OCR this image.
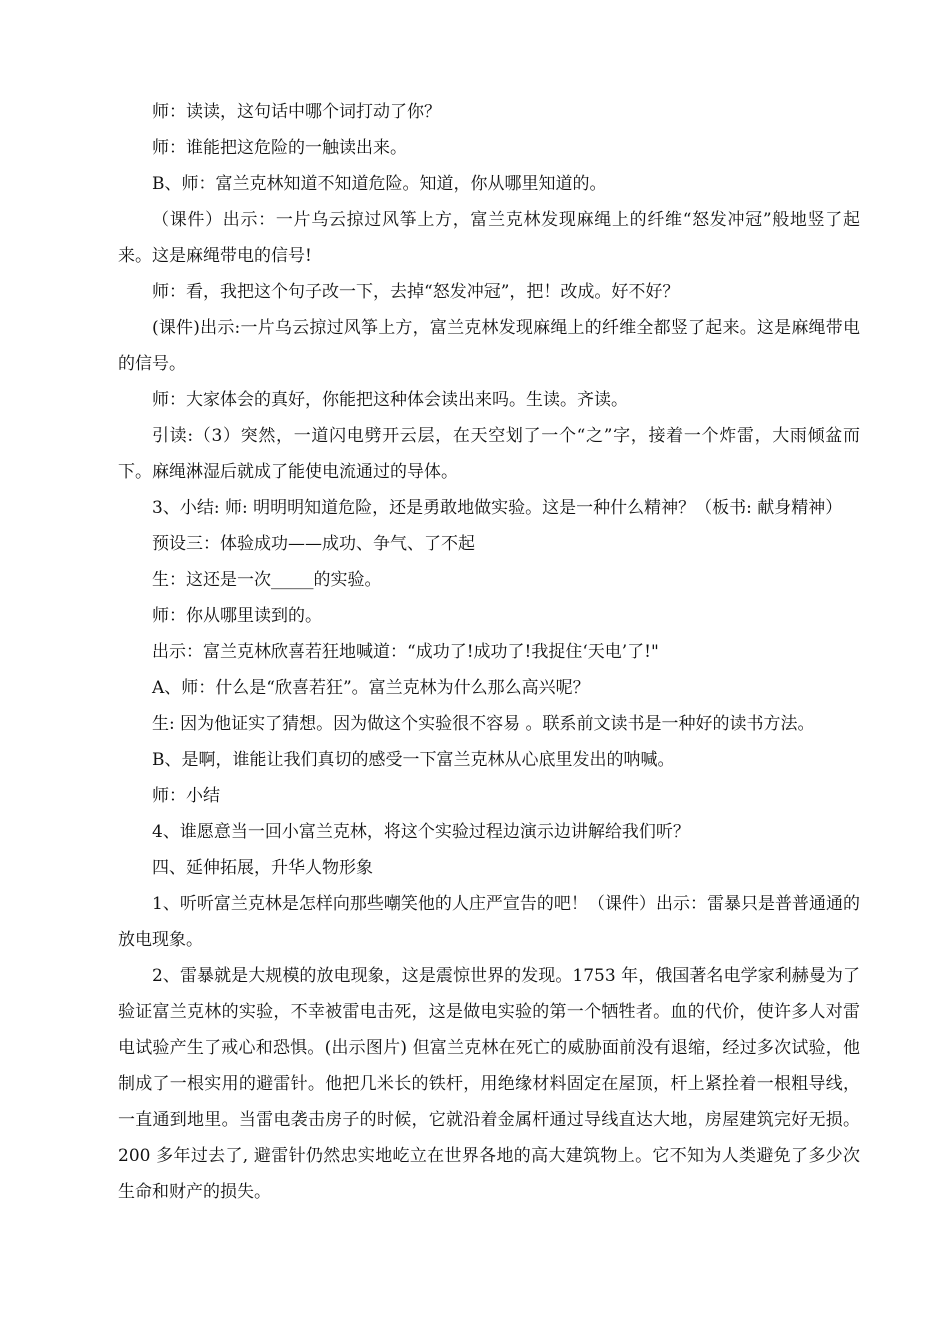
师：读读，这句话中哪个词打动了你？

师：谁能把这危险的一触读出来。

B、师：富兰克林知道不知道危险。知道，你从哪里知道的。

（课件）出示：一片乌云掠过风筝上方，富兰克林发现麻绳上的纤维“怒发冲冠”般地竖了起来。这是麻绳带电的信号!

师：看，我把这个句子改一下，去掉“怒发冲冠”，把！改成。好不好？

(课件)出示:一片乌云掠过风筝上方，富兰克林发现麻绳上的纤维全都竖了起来。这是麻绳带电的信号。

师：大家体会的真好，你能把这种体会读出来吗。生读。齐读。

引读:（3）突然，一道闪电劈开云层，在天空划了一个“之”字，接着一个炸雷，大雨倾盆而下。麻绳淋湿后就成了能使电流通过的导体。

3、小结: 师: 明明明知道危险，还是勇敢地做实验。这是一种什么精神？（板书: 献身精神）

预设三：体验成功——成功、争气、了不起

生：这还是一次_____的实验。

师：你从哪里读到的。

出示：富兰克林欣喜若狂地喊道：“成功了!成功了!我捉住‘天电’了!"

A、师：什么是“欣喜若狂”。富兰克林为什么那么高兴呢？

生: 因为他证实了猜想。因为做这个实验很不容易 。联系前文读书是一种好的读书方法。

B、是啊，谁能让我们真切的感受一下富兰克林从心底里发出的呐喊。

师：小结

4、谁愿意当一回小富兰克林，将这个实验过程边演示边讲解给我们听？

四、延伸拓展，升华人物形象

1、听听富兰克林是怎样向那些嘲笑他的人庄严宣告的吧！（课件）出示：雷暴只是普普通通的放电现象。

2、雷暴就是大规模的放电现象，这是震惊世界的发现。1753 年，俄国著名电学家利赫曼为了验证富兰克林的实验，不幸被雷电击死，这是做电实验的第一个牺牲者。血的代价，使许多人对雷电试验产生了戒心和恐惧。(出示图片) 但富兰克林在死亡的威胁面前没有退缩，经过多次试验，他制成了一根实用的避雷针。他把几米长的铁杆，用绝缘材料固定在屋顶，杆上紧拴着一根粗导线，一直通到地里。当雷电袭击房子的时候，它就沿着金属杆通过导线直达大地，房屋建筑完好无损。200 多年过去了, 避雷针仍然忠实地屹立在世界各地的高大建筑物上。它不知为人类避免了多少次生命和财产的损失。
